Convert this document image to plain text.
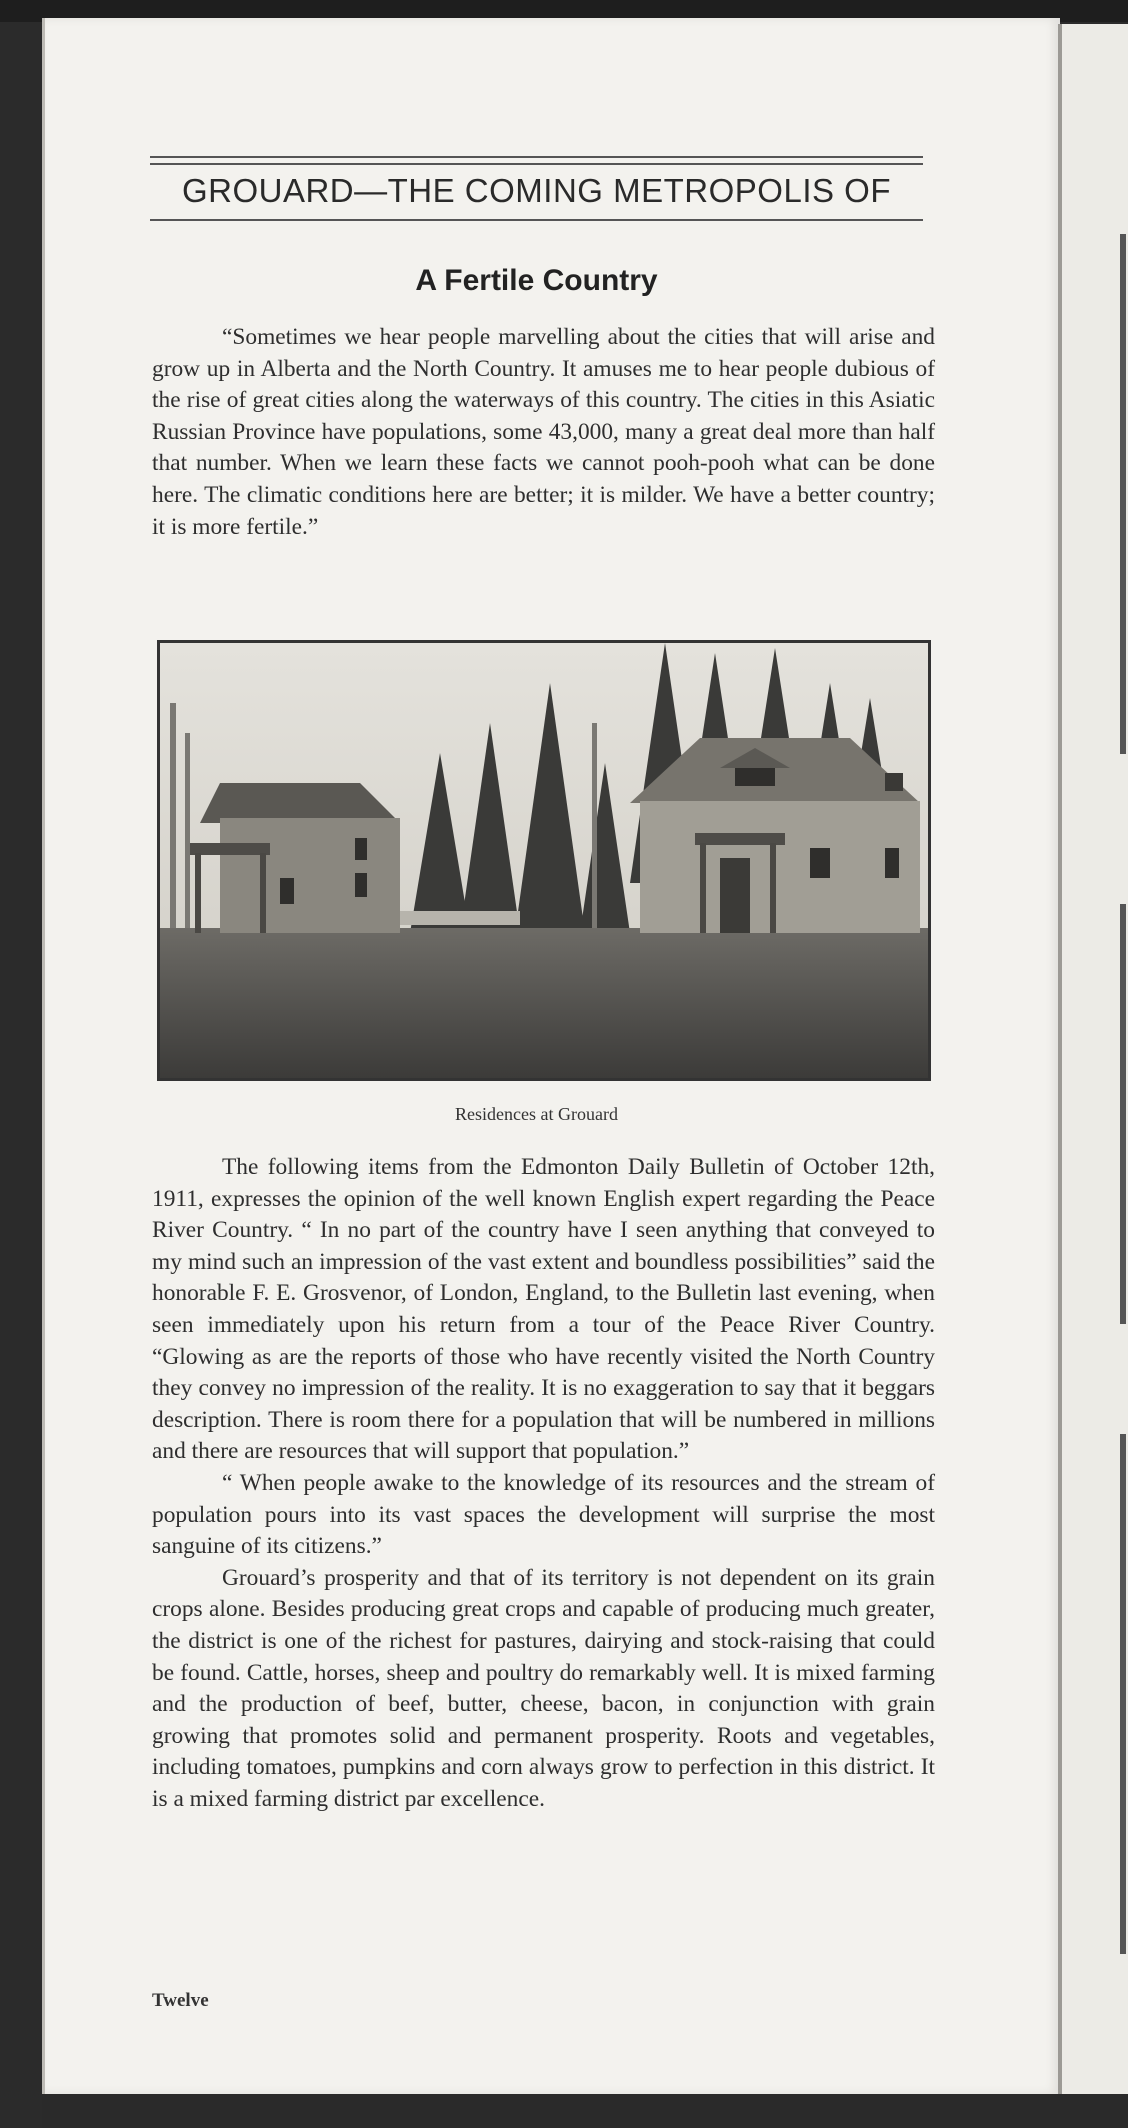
GROUARD—THE COMING METROPOLIS OF
A Fertile Country

“Sometimes we hear people marvelling about the cities that will arise and grow up in Alberta and the North Country. It amuses me to hear people dubious of the rise of great cities along the waterways of this country. The cities in this Asiatic Russian Province have populations, some 43,000, many a great deal more than half that number. When we learn these facts we cannot pooh-pooh what can be done here. The climatic conditions here are better; it is milder. We have a better country; it is more fertile.”

Residences at Grouard

The following items from the Edmonton Daily Bulletin of October 12th, 1911, expresses the opinion of the well known English expert regarding the Peace River Country. “ In no part of the country have I seen anything that conveyed to my mind such an impression of the vast extent and boundless possibilities” said the honorable F. E. Grosvenor, of London, England, to the Bulletin last evening, when seen immediately upon his return from a tour of the Peace River Country. “Glowing as are the reports of those who have recently visited the North Country they convey no impression of the reality. It is no exaggeration to say that it beggars description. There is room there for a population that will be numbered in millions and there are resources that will support that population.”

“ When people awake to the knowledge of its resources and the stream of population pours into its vast spaces the development will surprise the most sanguine of its citizens.”

Grouard’s prosperity and that of its territory is not dependent on its grain crops alone. Besides producing great crops and capable of producing much greater, the district is one of the richest for pastures, dairying and stock-raising that could be found. Cattle, horses, sheep and poultry do remarkably well. It is mixed farming and the production of beef, butter, cheese, bacon, in conjunction with grain growing that promotes solid and permanent prosperity. Roots and vegetables, including tomatoes, pumpkins and corn always grow to perfection in this district. It is a mixed farming district par excellence.

Twelve
